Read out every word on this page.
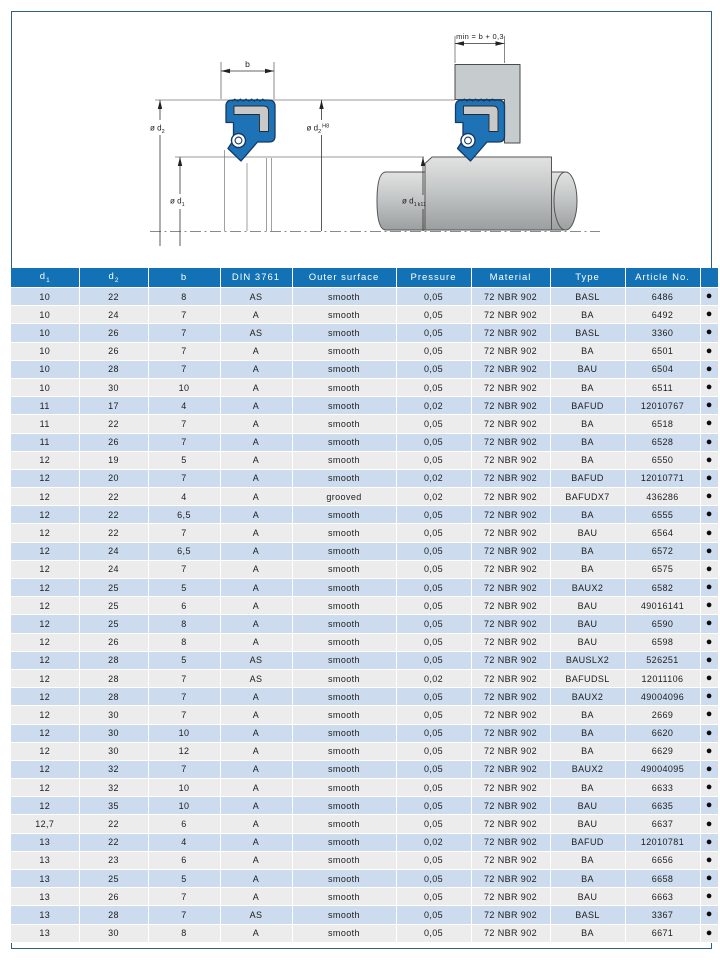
b
ø $d_2$
ø $d_1$
min = b + 0,3
ø $d_2^{H8}$
ø $d_1k11$
$d_1$	$d_2$	b	DIN 3761	Outer surface	Pressure	Material	Type	Article No.	
10	22	8	AS	smooth	0,05	72 NBR 902	BASL	6486	●
10	24	7	A	smooth	0,05	72 NBR 902	BA	6492	●
10	26	7	AS	smooth	0,05	72 NBR 902	BASL	3360	●
10	26	7	A	smooth	0,05	72 NBR 902	BA	6501	●
10	28	7	A	smooth	0,05	72 NBR 902	BAU	6504	●
10	30	10	A	smooth	0,05	72 NBR 902	BA	6511	●
11	17	4	A	smooth	0,02	72 NBR 902	BAFUD	12010767	●
11	22	7	A	smooth	0,05	72 NBR 902	BA	6518	●
11	26	7	A	smooth	0,05	72 NBR 902	BA	6528	●
12	19	5	A	smooth	0,05	72 NBR 902	BA	6550	●
12	20	7	A	smooth	0,02	72 NBR 902	BAFUD	12010771	●
12	22	4	A	grooved	0,02	72 NBR 902	BAFUDX7	436286	●
12	22	6,5	A	smooth	0,05	72 NBR 902	BA	6555	●
12	22	7	A	smooth	0,05	72 NBR 902	BAU	6564	●
12	24	6,5	A	smooth	0,05	72 NBR 902	BA	6572	●
12	24	7	A	smooth	0,05	72 NBR 902	BA	6575	●
12	25	5	A	smooth	0,05	72 NBR 902	BAUX2	6582	●
12	25	6	A	smooth	0,05	72 NBR 902	BAU	49016141	●
12	25	8	A	smooth	0,05	72 NBR 902	BAU	6590	●
12	26	8	A	smooth	0,05	72 NBR 902	BAU	6598	●
12	28	5	AS	smooth	0,05	72 NBR 902	BAUSLX2	526251	●
12	28	7	AS	smooth	0,02	72 NBR 902	BAFUDSL	12011106	●
12	28	7	A	smooth	0,05	72 NBR 902	BAUX2	49004096	●
12	30	7	A	smooth	0,05	72 NBR 902	BA	2669	●
12	30	10	A	smooth	0,05	72 NBR 902	BA	6620	●
12	30	12	A	smooth	0,05	72 NBR 902	BA	6629	●
12	32	7	A	smooth	0,05	72 NBR 902	BAUX2	49004095	●
12	32	10	A	smooth	0,05	72 NBR 902	BA	6633	●
12	35	10	A	smooth	0,05	72 NBR 902	BAU	6635	●
12,7	22	6	A	smooth	0,05	72 NBR 902	BAU	6637	●
13	22	4	A	smooth	0,02	72 NBR 902	BAFUD	12010781	●
13	23	6	A	smooth	0,05	72 NBR 902	BA	6656	●
13	25	5	A	smooth	0,05	72 NBR 902	BA	6658	●
13	26	7	A	smooth	0,05	72 NBR 902	BAU	6663	●
13	28	7	AS	smooth	0,05	72 NBR 902	BASL	3367	●
13	30	8	A	smooth	0,05	72 NBR 902	BA	6671	●
